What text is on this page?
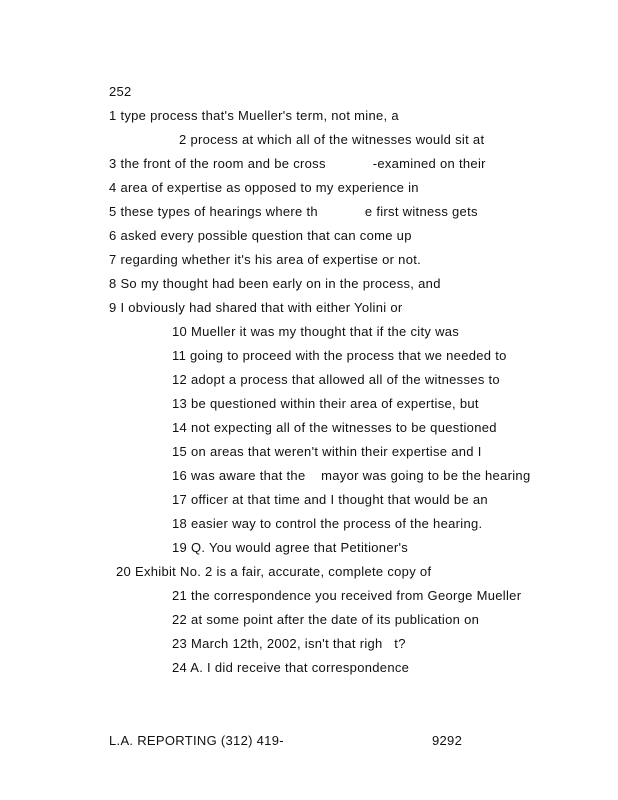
252
1 type process that's Mueller's term, not mine, a
2 process at which all of the witnesses would sit at
3 the front of the room and be cross            -examined on their
4 area of expertise as opposed to my experience in
5 these types of hearings where th            e first witness gets
6 asked every possible question that can come up
7 regarding whether it's his area of expertise or not.
8 So my thought had been early on in the process, and
9 I obviously had shared that with either Yolini or
10 Mueller it was my thought that if the city was
11 going to proceed with the process that we needed to
12 adopt a process that allowed all of the witnesses to
13 be questioned within their area of expertise, but
14 not expecting all of the witnesses to be questioned
15 on areas that weren't within their expertise and I
16 was aware that the    mayor was going to be the hearing
17 officer at that time and I thought that would be an
18 easier way to control the process of the hearing.
19 Q. You would agree that Petitioner's
20 Exhibit No. 2 is a fair, accurate, complete copy of
21 the correspondence you received from George Mueller
22 at some point after the date of its publication on
23 March 12th, 2002, isn't that righ   t?
24 A. I did receive that correspondence
L.A. REPORTING (312) 419-	9292
